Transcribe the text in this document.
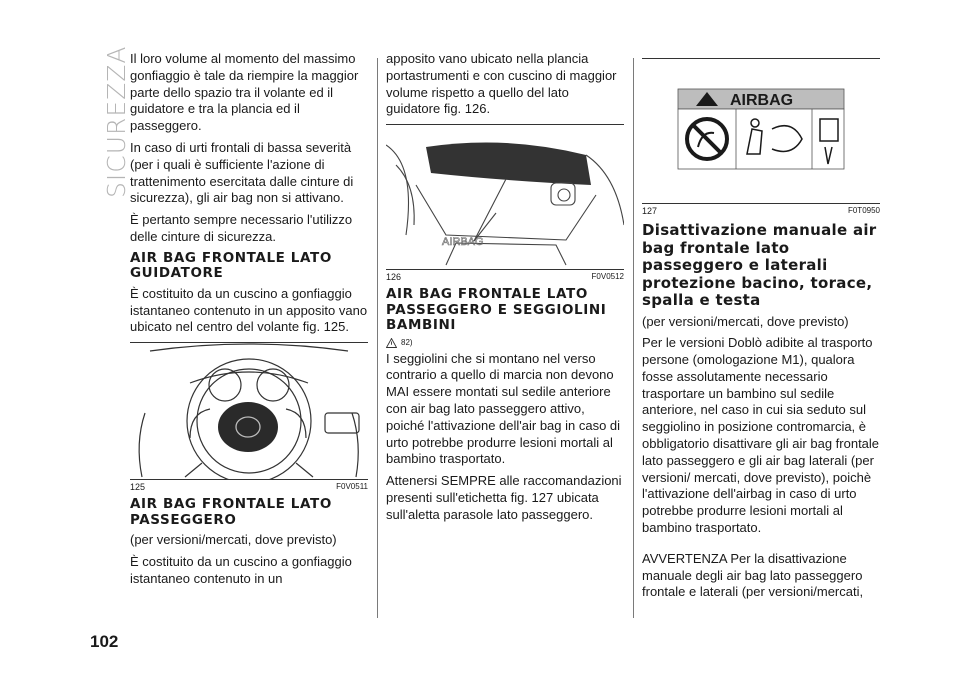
SICUREZZA
102

Il loro volume al momento del massimo gonfiaggio è tale da riempire la maggior parte dello spazio tra il volante ed il guidatore e tra la plancia ed il passeggero.

In caso di urti frontali di bassa severità (per i quali è sufficiente l'azione di trattenimento esercitata dalle cinture di sicurezza), gli air bag non si attivano.

È pertanto sempre necessario l'utilizzo delle cinture di sicurezza.

AIR BAG FRONTALE LATO GUIDATORE

È costituito da un cuscino a gonfiaggio istantaneo contenuto in un apposito vano ubicato nel centro del volante fig. 125.

125	F0V0511
AIR BAG FRONTALE LATO PASSEGGERO

(per versioni/mercati, dove previsto)

È costituito da un cuscino a gonfiaggio istantaneo contenuto in un

apposito vano ubicato nella plancia portastrumenti e con cuscino di maggior volume rispetto a quello del lato guidatore fig. 126.

AIRBAG
126	F0V0512
AIR BAG FRONTALE LATO PASSEGGERO E SEGGIOLINI BAMBINI
82)

I seggiolini che si montano nel verso contrario a quello di marcia non devono MAI essere montati sul sedile anteriore con air bag lato passeggero attivo, poiché l'attivazione dell'air bag in caso di urto potrebbe produrre lesioni mortali al bambino trasportato.

Attenersi SEMPRE alle raccomandazioni presenti sull'etichetta fig. 127 ubicata sull'aletta parasole lato passeggero.

AIRBAG
127	F0T0950
Disattivazione manuale air bag frontale lato passeggero e laterali protezione bacino, torace, spalla e testa

(per versioni/mercati, dove previsto)

Per le versioni Doblò adibite al trasporto persone (omologazione M1), qualora fosse assolutamente necessario trasportare un bambino sul sedile anteriore, nel caso in cui sia seduto sul seggiolino in posizione contromarcia, è obbligatorio disattivare gli air bag frontale lato passeggero e gli air bag laterali (per versioni/ mercati, dove previsto), poichè l'attivazione dell'airbag in caso di urto potrebbe produrre lesioni mortali al bambino trasportato.

AVVERTENZA Per la disattivazione manuale degli air bag lato passeggero frontale e laterali (per versioni/mercati,
